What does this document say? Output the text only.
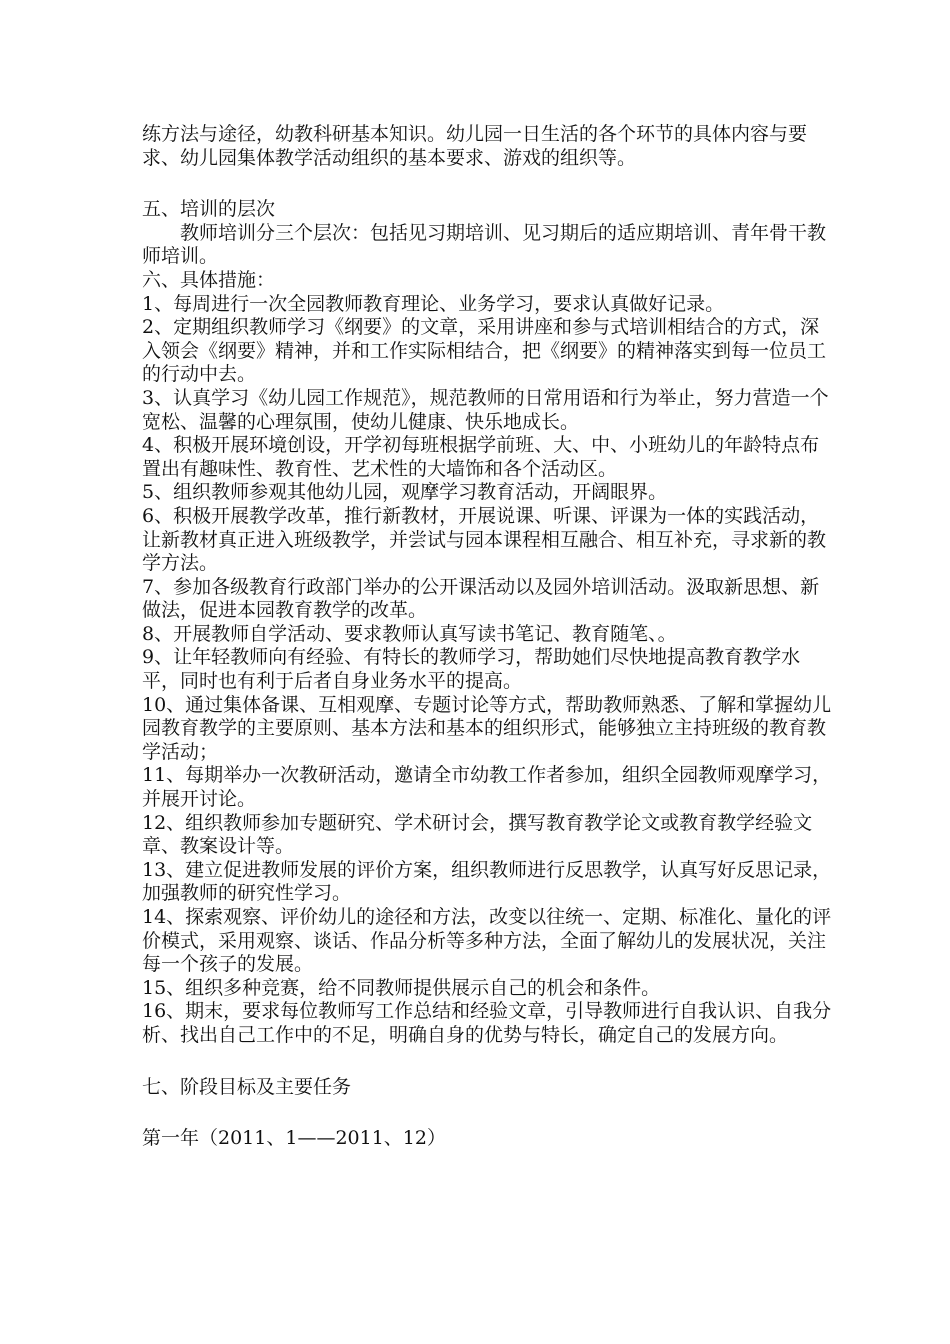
练方法与途径，幼教科研基本知识。幼儿园一日生活的各个环节的具体内容与要求、幼儿园集体教学活动组织的基本要求、游戏的组织等。

五、培训的层次

教师培训分三个层次：包括见习期培训、见习期后的适应期培训、青年骨干教师培训。

六、具体措施：

1、每周进行一次全园教师教育理论、业务学习，要求认真做好记录。

2、定期组织教师学习《纲要》的文章，采用讲座和参与式培训相结合的方式，深入领会《纲要》精神，并和工作实际相结合，把《纲要》的精神落实到每一位员工的行动中去。

3、认真学习《幼儿园工作规范》，规范教师的日常用语和行为举止，努力营造一个宽松、温馨的心理氛围，使幼儿健康、快乐地成长。

4、积极开展环境创设，开学初每班根据学前班、大、中、小班幼儿的年龄特点布置出有趣味性、教育性、艺术性的大墙饰和各个活动区。

5、组织教师参观其他幼儿园，观摩学习教育活动，开阔眼界。

6、积极开展教学改革，推行新教材，开展说课、听课、评课为一体的实践活动，让新教材真正进入班级教学，并尝试与园本课程相互融合、相互补充，寻求新的教学方法。

7、参加各级教育行政部门举办的公开课活动以及园外培训活动。汲取新思想、新做法，促进本园教育教学的改革。

8、开展教师自学活动、要求教师认真写读书笔记、教育随笔、。

9、让年轻教师向有经验、有特长的教师学习，帮助她们尽快地提高教育教学水平，同时也有利于后者自身业务水平的提高。

10、通过集体备课、互相观摩、专题讨论等方式，帮助教师熟悉、了解和掌握幼儿园教育教学的主要原则、基本方法和基本的组织形式，能够独立主持班级的教育教学活动；

11、每期举办一次教研活动，邀请全市幼教工作者参加，组织全园教师观摩学习，并展开讨论。

12、组织教师参加专题研究、学术研讨会，撰写教育教学论文或教育教学经验文章、教案设计等。

13、建立促进教师发展的评价方案，组织教师进行反思教学，认真写好反思记录，加强教师的研究性学习。

14、探索观察、评价幼儿的途径和方法，改变以往统一、定期、标准化、量化的评价模式，采用观察、谈话、作品分析等多种方法，全面了解幼儿的发展状况，关注每一个孩子的发展。

15、组织多种竞赛，给不同教师提供展示自己的机会和条件。

16、期末，要求每位教师写工作总结和经验文章，引导教师进行自我认识、自我分析、找出自己工作中的不足，明确自身的优势与特长，确定自己的发展方向。

七、阶段目标及主要任务

第一年（2011、1——2011、12）
